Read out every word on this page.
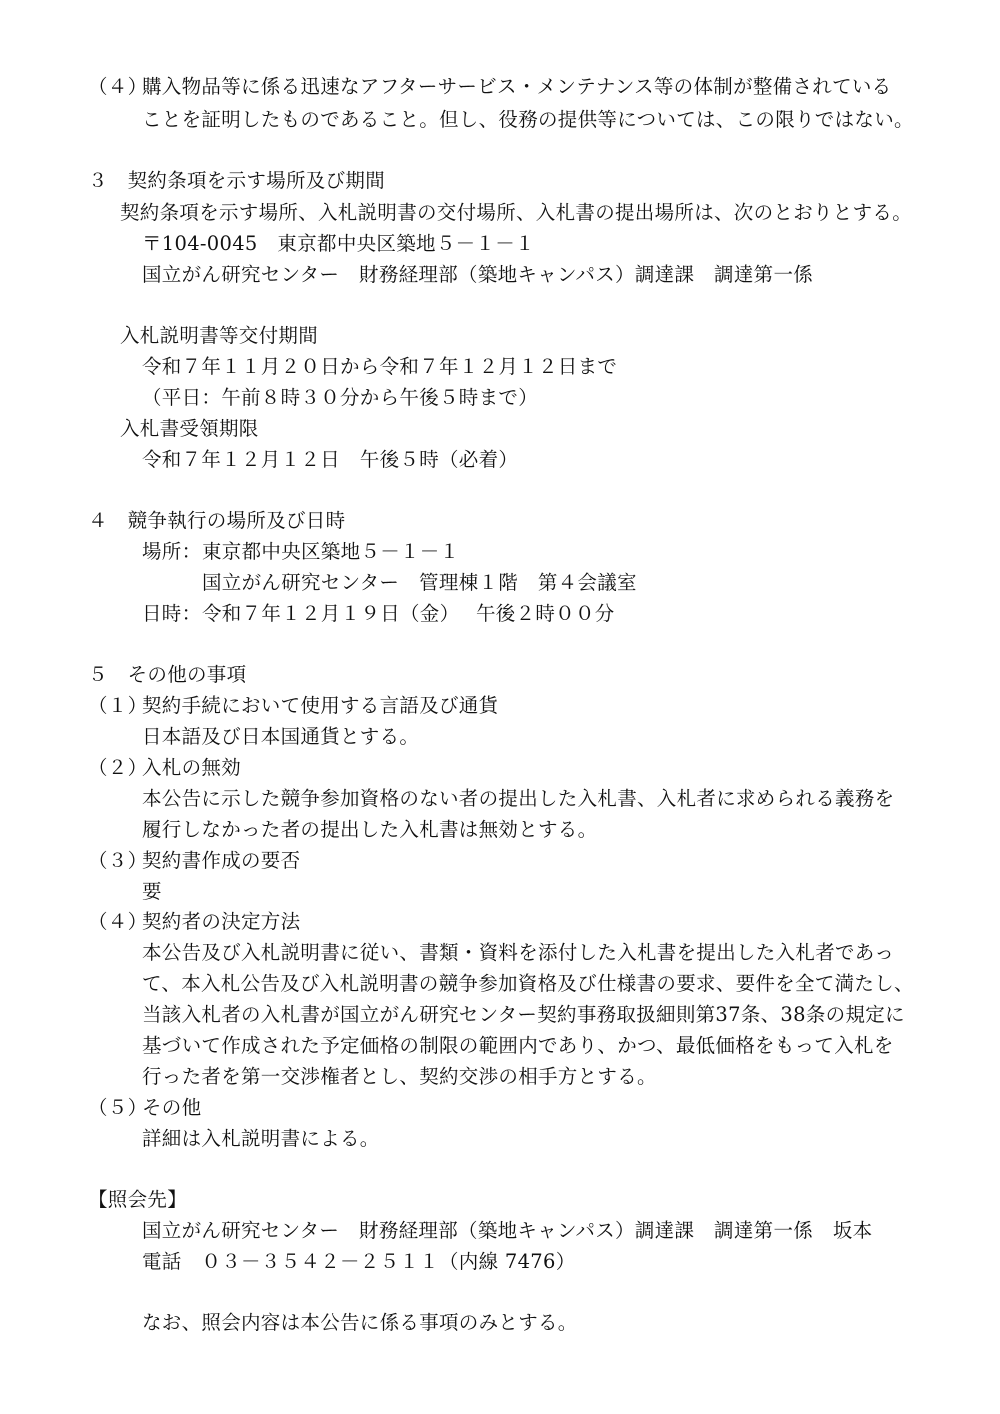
（４）
購入物品等に係る迅速なアフターサービス・メンテナンス等の体制が整備されている
ことを証明したものであること。但し、役務の提供等については、この限りではない。
３　契約条項を示す場所及び期間
契約条項を示す場所、入札説明書の交付場所、入札書の提出場所は、次のとおりとする。
〒104-0045　東京都中央区築地５－１－１
国立がん研究センター　財務経理部（築地キャンパス）調達課　調達第一係
入札説明書等交付期間
令和７年１１月２０日から令和７年１２月１２日まで
（平日：午前８時３０分から午後５時まで）
入札書受領期限
令和７年１２月１２日　午後５時（必着）
４　競争執行の場所及び日時
場所： 東京都中央区築地５－１－１
国立がん研究センター　管理棟１階　第４会議室
日時： 令和７年１２月１９日（金）　 午後２時００分
５　その他の事項
（１）
契約手続において使用する言語及び通貨
日本語及び日本国通貨とする。
（２）
入札の無効
本公告に示した競争参加資格のない者の提出した入札書、入札者に求められる義務を
履行しなかった者の提出した入札書は無効とする。
（３）
契約書作成の要否
要
（４）
契約者の決定方法
本公告及び入札説明書に従い、書類・資料を添付した入札書を提出した入札者であっ
て、本入札公告及び入札説明書の競争参加資格及び仕様書の要求、要件を全て満たし、
当該入札者の入札書が国立がん研究センター契約事務取扱細則第37条、38条の規定に
基づいて作成された予定価格の制限の範囲内であり、かつ、最低価格をもって入札を
行った者を第一交渉権者とし、契約交渉の相手方とする。
（５）
その他
詳細は入札説明書による。
【照会先】
国立がん研究センター　財務経理部（築地キャンパス）調達課　調達第一係　坂本
電話　０３－３５４２－２５１１（内線 7476）
なお、照会内容は本公告に係る事項のみとする。
